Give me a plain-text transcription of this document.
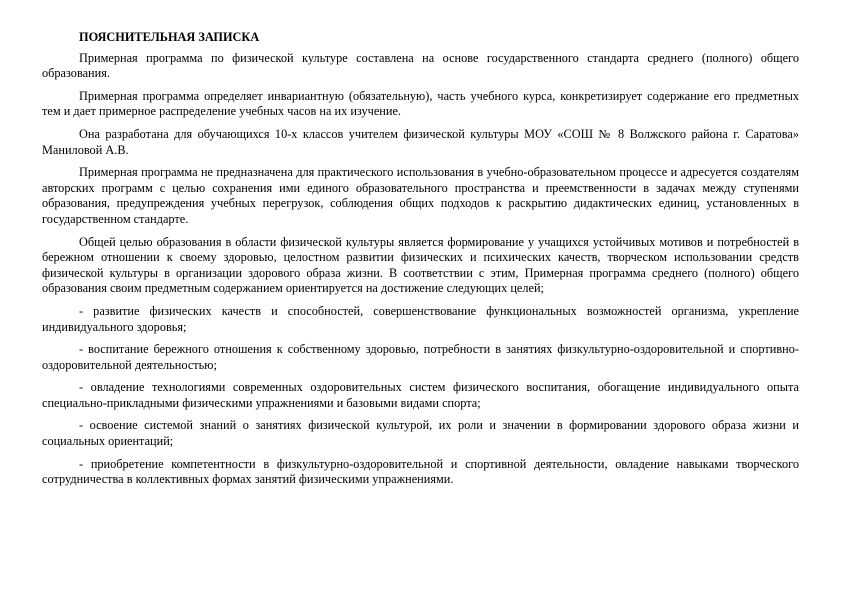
ПОЯСНИТЕЛЬНАЯ ЗАПИСКА

Примерная программа по физической культуре составлена на основе государственного стандарта среднего (полного) общего образования.

Примерная программа определяет инвариантную (обязательную), часть учебного курса, конкретизирует содержание его предметных тем и дает примерное распределение учебных часов на их изучение.

Она разработана для обучающихся 10-х классов учителем физической культуры МОУ «СОШ № 8 Волжского района г. Саратова» Маниловой А.В.

Примерная программа не предназначена для практического использования в учебно-образовательном процессе и адресуется создателям авторских программ с целью сохранения ими единого образовательного пространства и преемственности в задачах между ступенями образования, предупреждения учебных перегрузок, соблюдения общих подходов к раскрытию дидактических единиц, установленных в государственном стандарте.

Общей целью образования в области физической культуры является формирование у учащихся устойчивых мотивов и потребностей в бережном отношении к своему здоровью, целостном развитии физических и психических качеств, творческом использовании средств физической культуры в организации здорового образа жизни. В соответствии с этим, Примерная программа среднего (полного) общего образования своим предметным содержанием ориентируется на достижение следующих целей;

- развитие физических качеств и способностей, совершенствование функциональных возможностей организма, укрепление индивидуального здоровья;

- воспитание бережного отношения к собственному здоровью, потребности в занятиях физкультурно-оздоровительной и спортивно-оздоровительной деятельностью;

- овладение технологиями современных оздоровительных систем физического воспитания, обогащение индивидуального опыта специально-прикладными физическими упражнениями и базовыми видами спорта;

- освоение системой знаний о занятиях физической культурой, их роли и значении в формировании здорового образа жизни и социальных ориентаций;

- приобретение компетентности в физкультурно-оздоровительной и спортивной деятельности, овладение навыками творческого сотрудничества в коллективных формах занятий физическими упражнениями.
